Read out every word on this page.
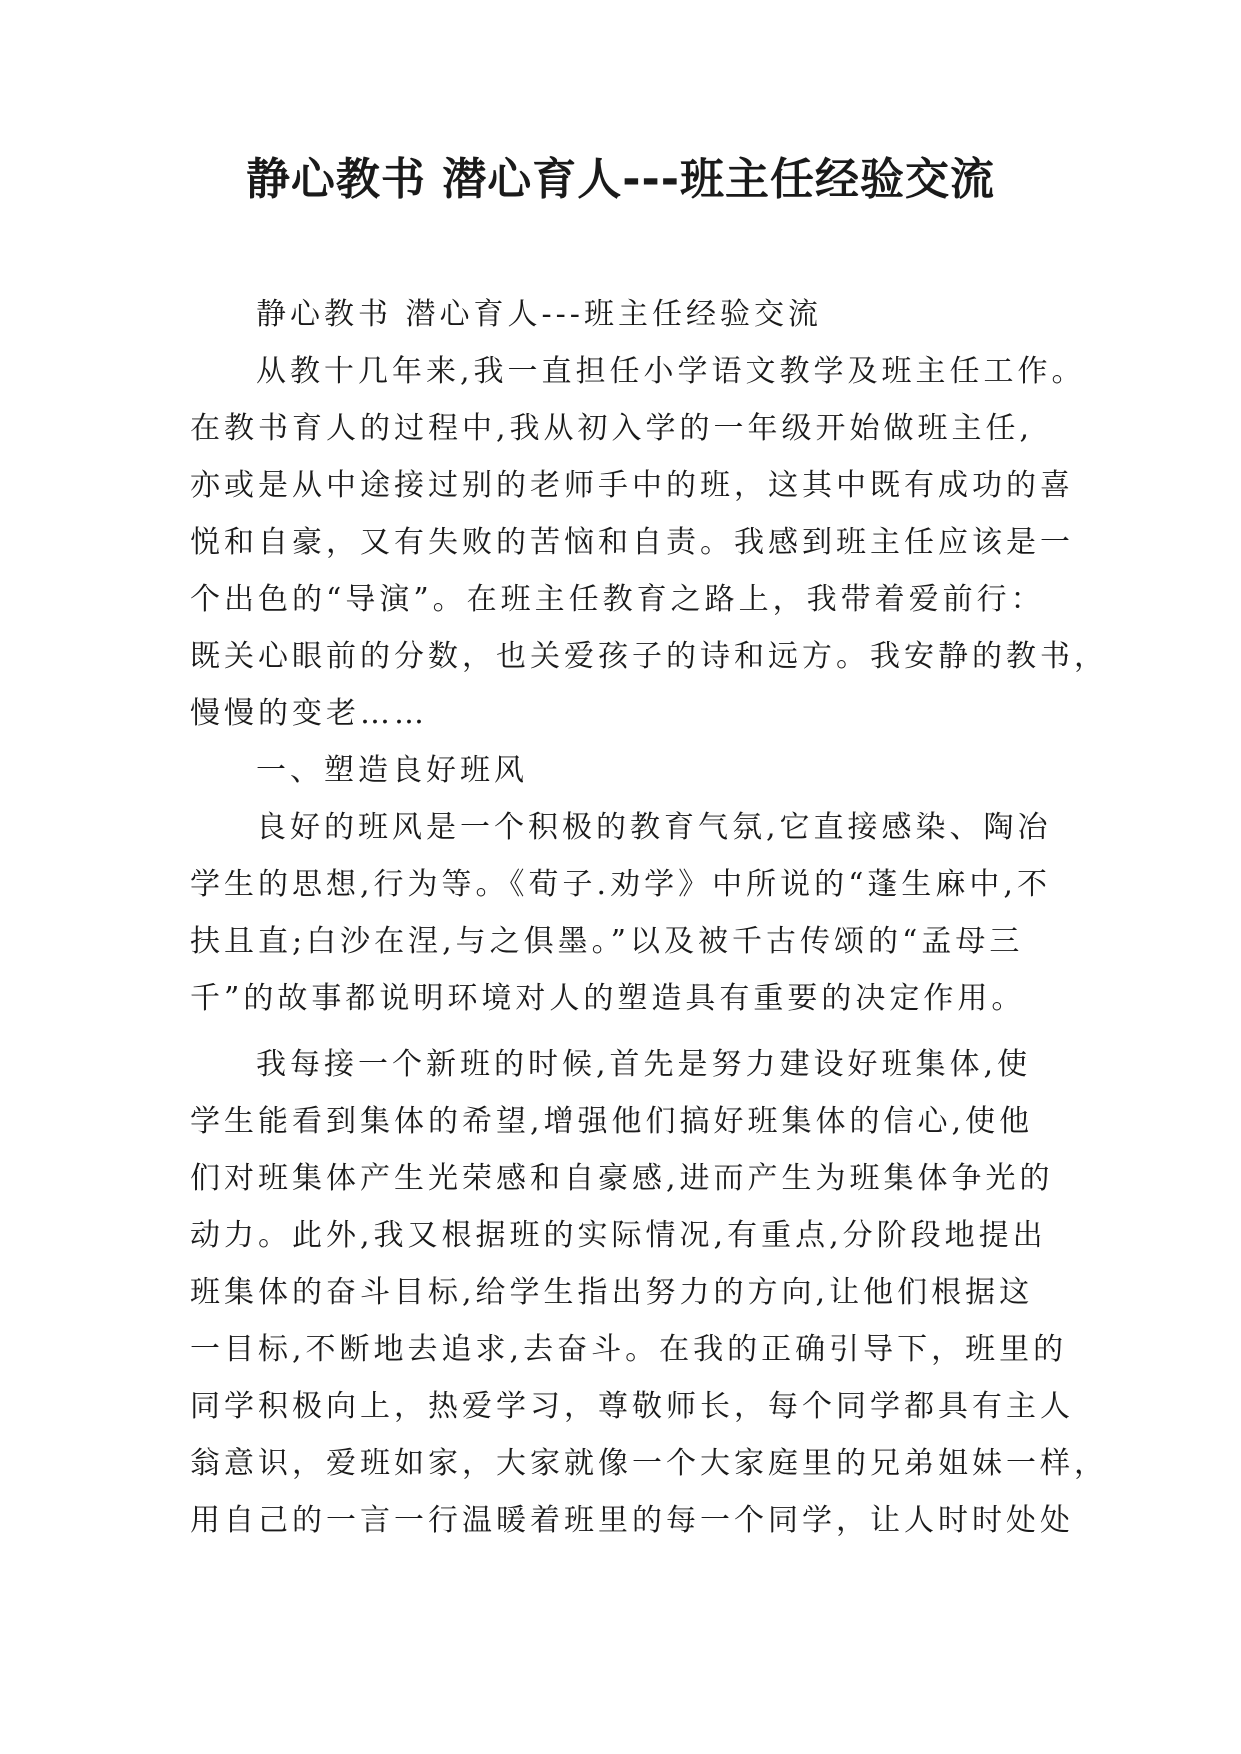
静心教书 潜心育人---班主任经验交流
静心教书 潜心育人---班主任经验交流
从教十几年来,我一直担任小学语文教学及班主任工作。
在教书育人的过程中,我从初入学的一年级开始做班主任,
亦或是从中途接过别的老师手中的班，这其中既有成功的喜
悦和自豪，又有失败的苦恼和自责。我感到班主任应该是一
个出色的“导演”。在班主任教育之路上，我带着爱前行：
既关心眼前的分数，也关爱孩子的诗和远方。我安静的教书，
慢慢的变老……
一、塑造良好班风
良好的班风是一个积极的教育气氛,它直接感染、陶冶
学生的思想,行为等。《荀子.劝学》中所说的“蓬生麻中,不
扶且直;白沙在涅,与之俱墨。”以及被千古传颂的“孟母三
千”的故事都说明环境对人的塑造具有重要的决定作用。
我每接一个新班的时候,首先是努力建设好班集体,使
学生能看到集体的希望,增强他们搞好班集体的信心,使他
们对班集体产生光荣感和自豪感,进而产生为班集体争光的
动力。此外,我又根据班的实际情况,有重点,分阶段地提出
班集体的奋斗目标,给学生指出努力的方向,让他们根据这
一目标,不断地去追求,去奋斗。在我的正确引导下，班里的
同学积极向上，热爱学习，尊敬师长，每个同学都具有主人
翁意识，爱班如家，大家就像一个大家庭里的兄弟姐妹一样，
用自己的一言一行温暖着班里的每一个同学，让人时时处处
